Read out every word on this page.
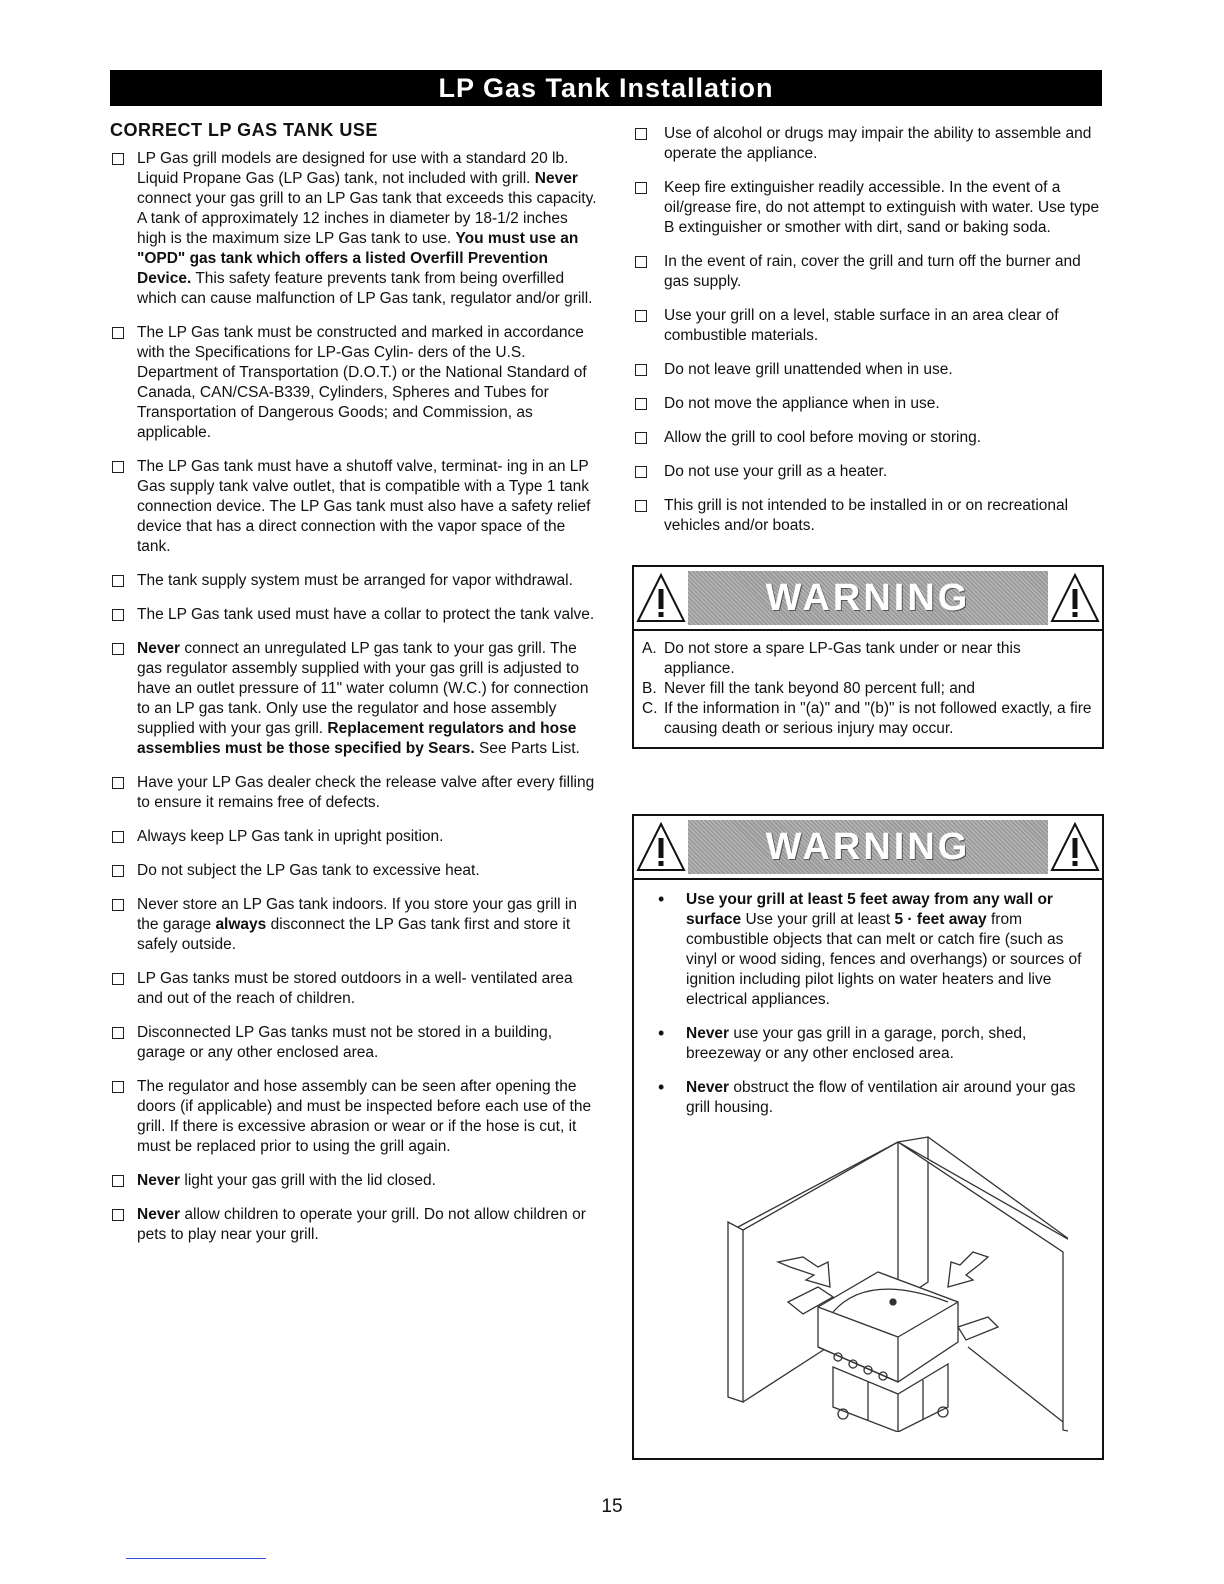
LP Gas Tank Installation
CORRECT LP GAS TANK USE
LP Gas grill models are designed for use with a standard 20 lb. Liquid Propane Gas (LP Gas) tank, not included with grill. Never connect your gas grill to an LP Gas tank that exceeds this capacity. A tank of approximately 12 inches in diameter by 18-1/2 inches high is the maximum size LP Gas tank to use. You must use an "OPD" gas tank which offers a listed Overfill Prevention Device. This safety feature prevents tank from being overfilled which can cause malfunction of LP Gas tank, regulator and/or grill.
The LP Gas tank must be constructed and marked in accordance with the Specifications for LP-Gas Cylin- ders of the U.S. Department of Transportation (D.O.T.) or the National Standard of Canada, CAN/CSA-B339, Cylinders, Spheres and Tubes for Transportation of Dangerous Goods; and Commission, as applicable.
The LP Gas tank must have a shutoff valve, terminat- ing in an LP Gas supply tank valve outlet, that is compatible with a Type 1 tank connection device. The LP Gas tank must also have a safety relief device that has a direct connection with the vapor space of the tank.
The tank supply system must be arranged for vapor withdrawal.
The LP Gas tank used must have a collar to protect the tank valve.
Never connect an unregulated LP gas tank to your gas grill. The gas regulator assembly supplied with your gas grill is adjusted to have an outlet pressure of 11" water column (W.C.) for connection to an LP gas tank. Only use the regulator and hose assembly supplied with your gas grill. Replacement regulators and hose assemblies must be those specified by Sears. See Parts List.
Have your LP Gas dealer check the release valve after every filling to ensure it remains free of defects.
Always keep LP Gas tank in upright position.
Do not subject the LP Gas tank to excessive heat.
Never store an LP Gas tank indoors. If you store your gas grill in the garage always disconnect the LP Gas tank first and store it safely outside.
LP Gas tanks must be stored outdoors in a well- ventilated area and out of the reach of children.
Disconnected LP Gas tanks must not be stored in a building, garage or any other enclosed area.
The regulator and hose assembly can be seen after opening the doors (if applicable) and must be inspected before each use of the grill. If there is excessive abrasion or wear or if the hose is cut, it must be replaced prior to using the grill again.
Never light your gas grill with the lid closed.
Never allow children to operate your grill. Do not allow children or pets to play near your grill.
Use of alcohol or drugs may impair the ability to assemble and operate the appliance.
Keep fire extinguisher readily accessible. In the event of a oil/grease fire, do not attempt to extinguish with water. Use type B extinguisher or smother with dirt, sand or baking soda.
In the event of rain, cover the grill and turn off the burner and gas supply.
Use your grill on a level, stable surface in an area clear of combustible materials.
Do not leave grill unattended when in use.
Do not move the appliance when in use.
Allow the grill to cool before moving or storing.
Do not use your grill as a heater.
This grill is not intended to be installed in or on recreational vehicles and/or boats.
WARNING
A. Do not store a spare LP-Gas tank under or near this appliance.
B. Never fill the tank beyond 80 percent full; and
C. If the information in "(a)" and "(b)" is not followed exactly, a fire causing death or serious injury may occur.
WARNING
• Use your grill at least 5 feet away from any wall or surface Use your grill at least 5 · feet away from combustible objects that can melt or catch fire (such as vinyl or wood siding, fences and overhangs) or sources of ignition including pilot lights on water heaters and live electrical appliances.
• Never use your gas grill in a garage, porch, shed, breezeway or any other enclosed area.
• Never obstruct the flow of ventilation air around your gas grill housing.
15
